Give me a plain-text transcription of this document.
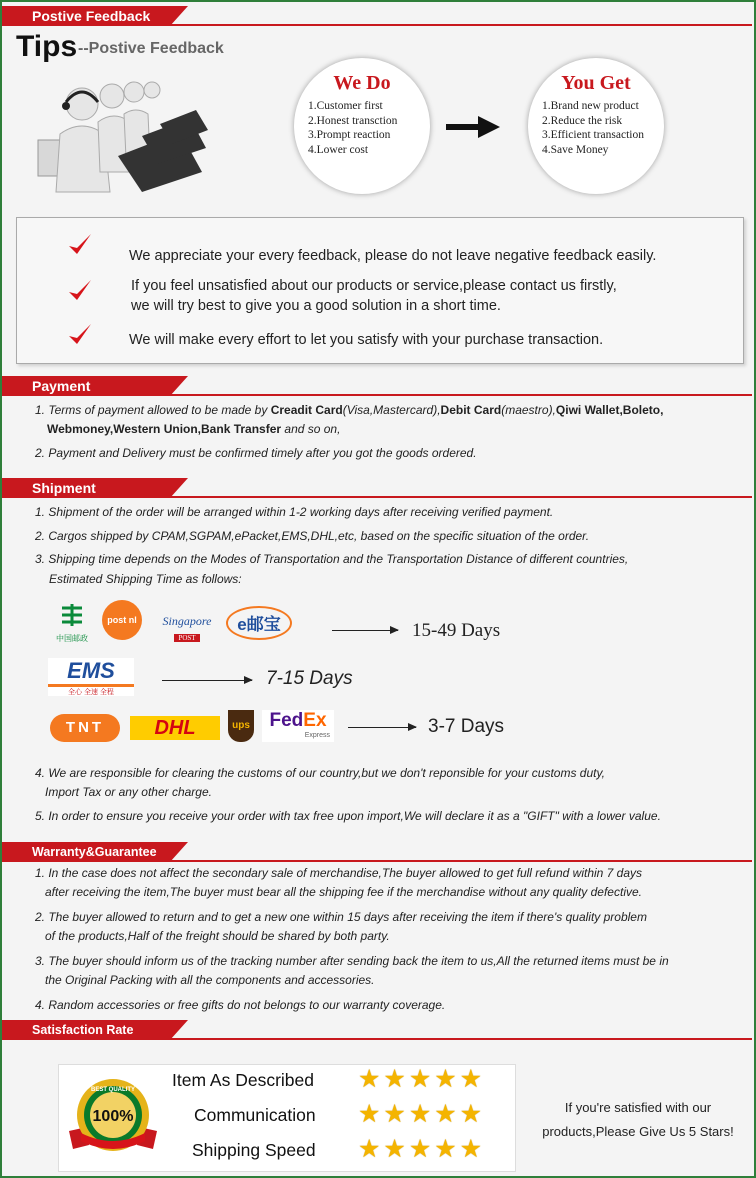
Postive Feedback
Tips --Postive Feedback
We Do
1.Customer first
2.Honest transction
3.Prompt reaction
4.Lower cost
You Get
1.Brand new product
2.Reduce the risk
3.Efficient transaction
4.Save Money
We appreciate your every feedback, please do not leave negative feedback easily.
If you feel unsatisfied about our products or service,please contact us firstly,
we will try best to give you a good solution in a short time.
We will make every effort to let you satisfy with your purchase transaction.
Payment
1. Terms of payment allowed to be made by Creadit Card(Visa,Mastercard),Debit Card(maestro),Qiwi Wallet,Boleto,
Webmoney,Western Union,Bank Transfer and so on,
2. Payment and Delivery must be confirmed timely after you got the goods ordered.
Shipment
1. Shipment of the order will be arranged within 1-2 working days after receiving verified payment.
2. Cargos shipped by CPAM,SGPAM,ePacket,EMS,DHL,etc, based on the specific situation of the order.
3. Shipping time depends on the Modes of Transportation and the Transportation Distance of different countries,
Estimated Shipping Time as follows:
中国邮政
post nl	Singapore
POST
e邮宝	15-49 Days
EMS
全心 全速 全程
7-15 Days
TNT	DHL	ups	FedEx
Express	3-7 Days
4. We are responsible for clearing the customs of our country,but we don't reponsible for your customs duty,
Import Tax or any other charge.
5. In order to ensure you receive your order with tax free upon import,We will declare it as a "GIFT" with a lower value.
Warranty&Guarantee
1. In the case does not affect the secondary sale of merchandise,The buyer allowed to get full refund within 7 days
after receiving the item,The buyer must bear all the shipping fee if the merchandise without any quality defective.
2. The buyer allowed to return and to get a new one within 15 days after receiving the item if there's quality problem
of the products,Half of the freight should be shared by both party.
3. The buyer should inform us of the tracking number after sending back the item to us,All the returned items must be in
the Original Packing with all the components and accessories.
4. Random accessories or free gifts do not belongs to our warranty coverage.
Satisfaction Rate
100%
BEST QUALITY Item As Described ★★★★★
Communication ★★★★★
Shipping Speed ★★★★★
If you're satisfied with our
products,Please Give Us 5 Stars!
